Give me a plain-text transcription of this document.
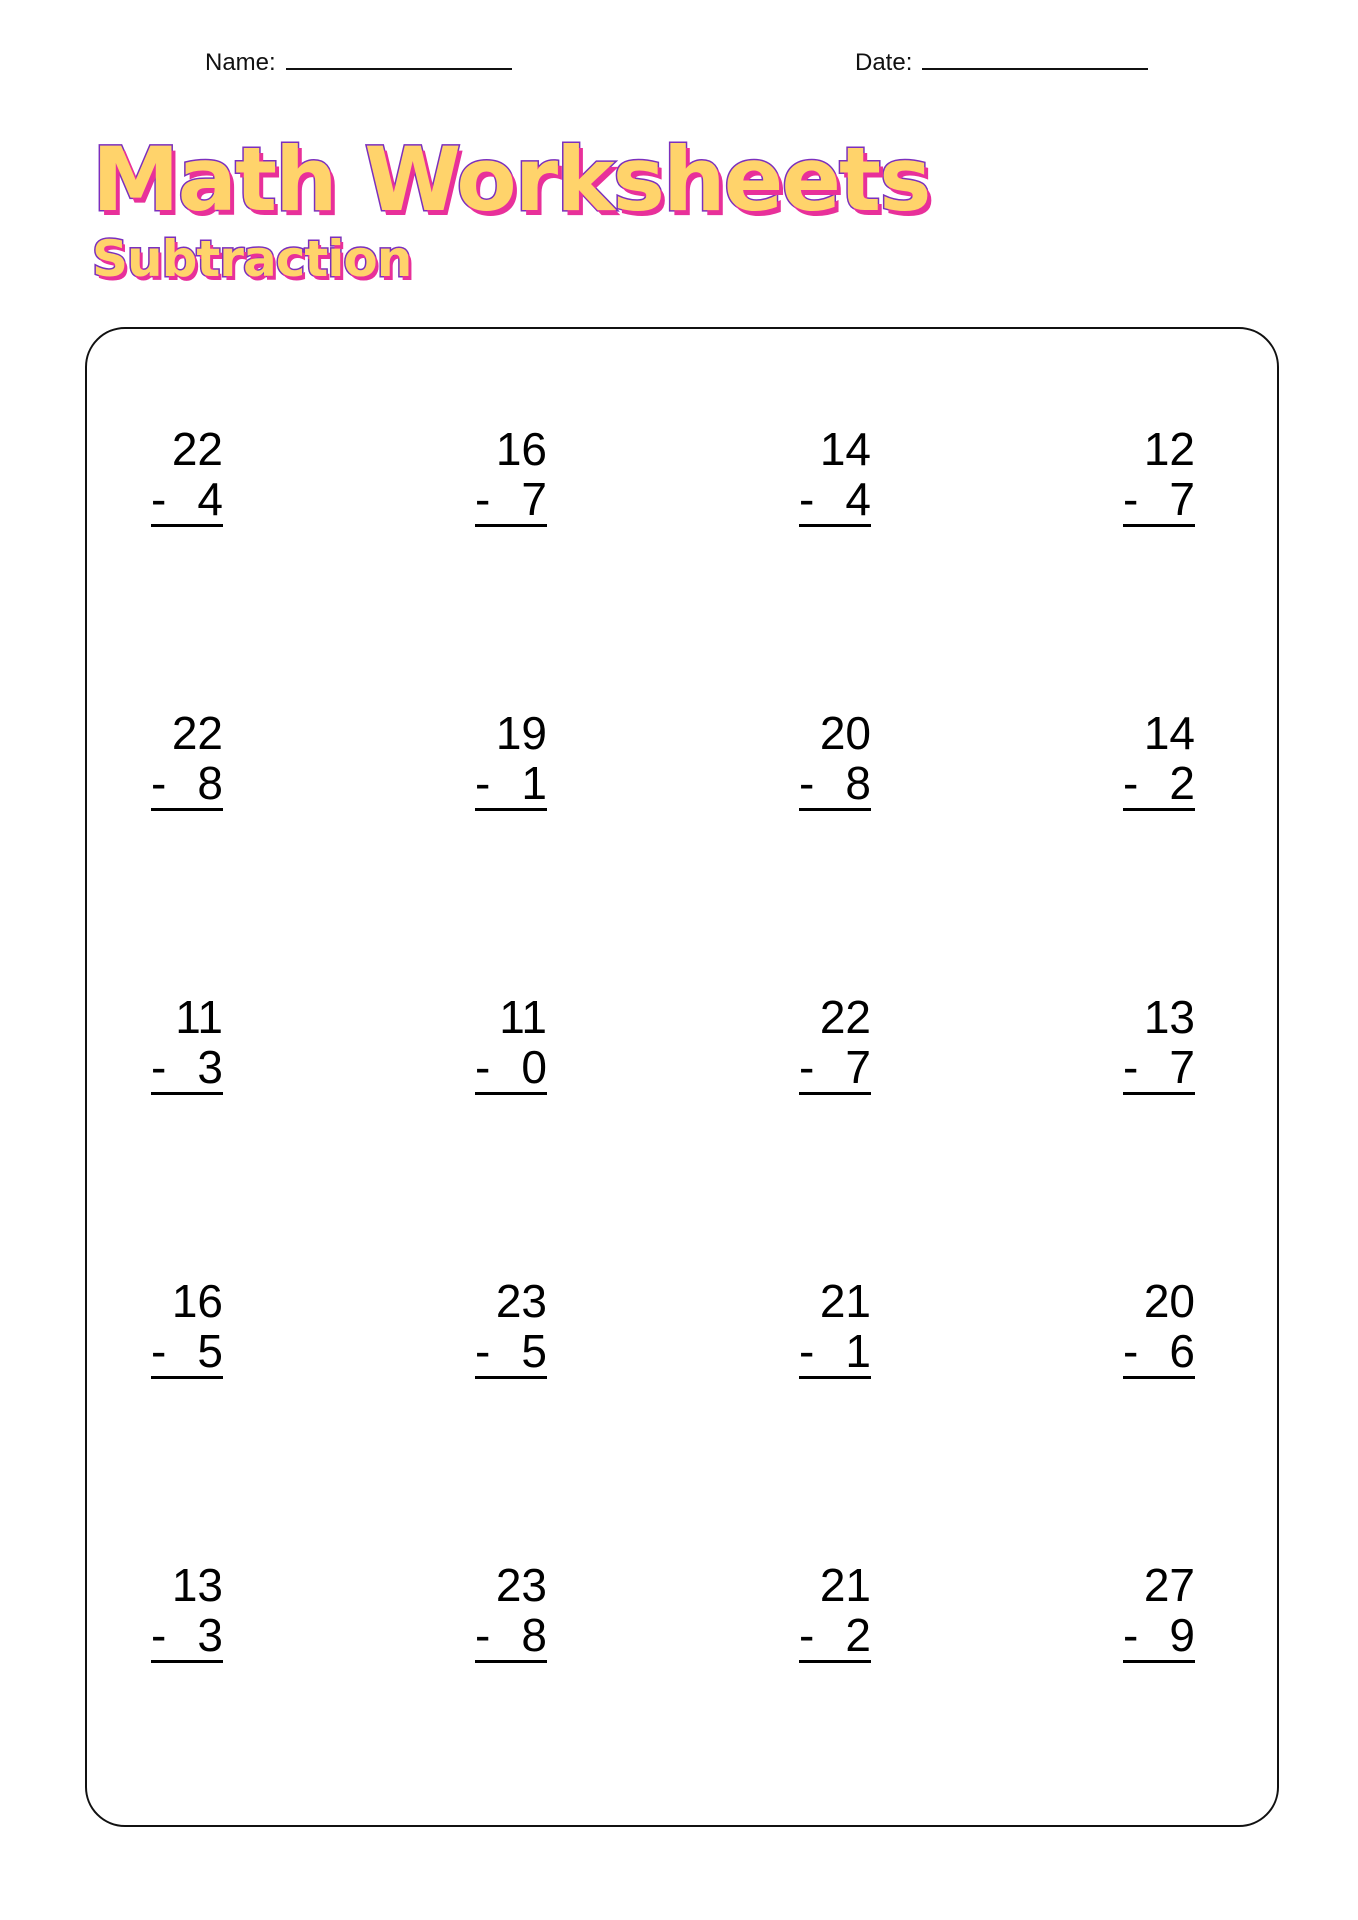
Name:	Date:
Math Worksheets
Subtraction
22
- 4
16
- 7
14
- 4
12
- 7
22
- 8
19
- 1
20
- 8
14
- 2
11
- 3
11
- 0
22
- 7
13
- 7
16
- 5
23
- 5
21
- 1
20
- 6
13
- 3
23
- 8
21
- 2
27
- 9
